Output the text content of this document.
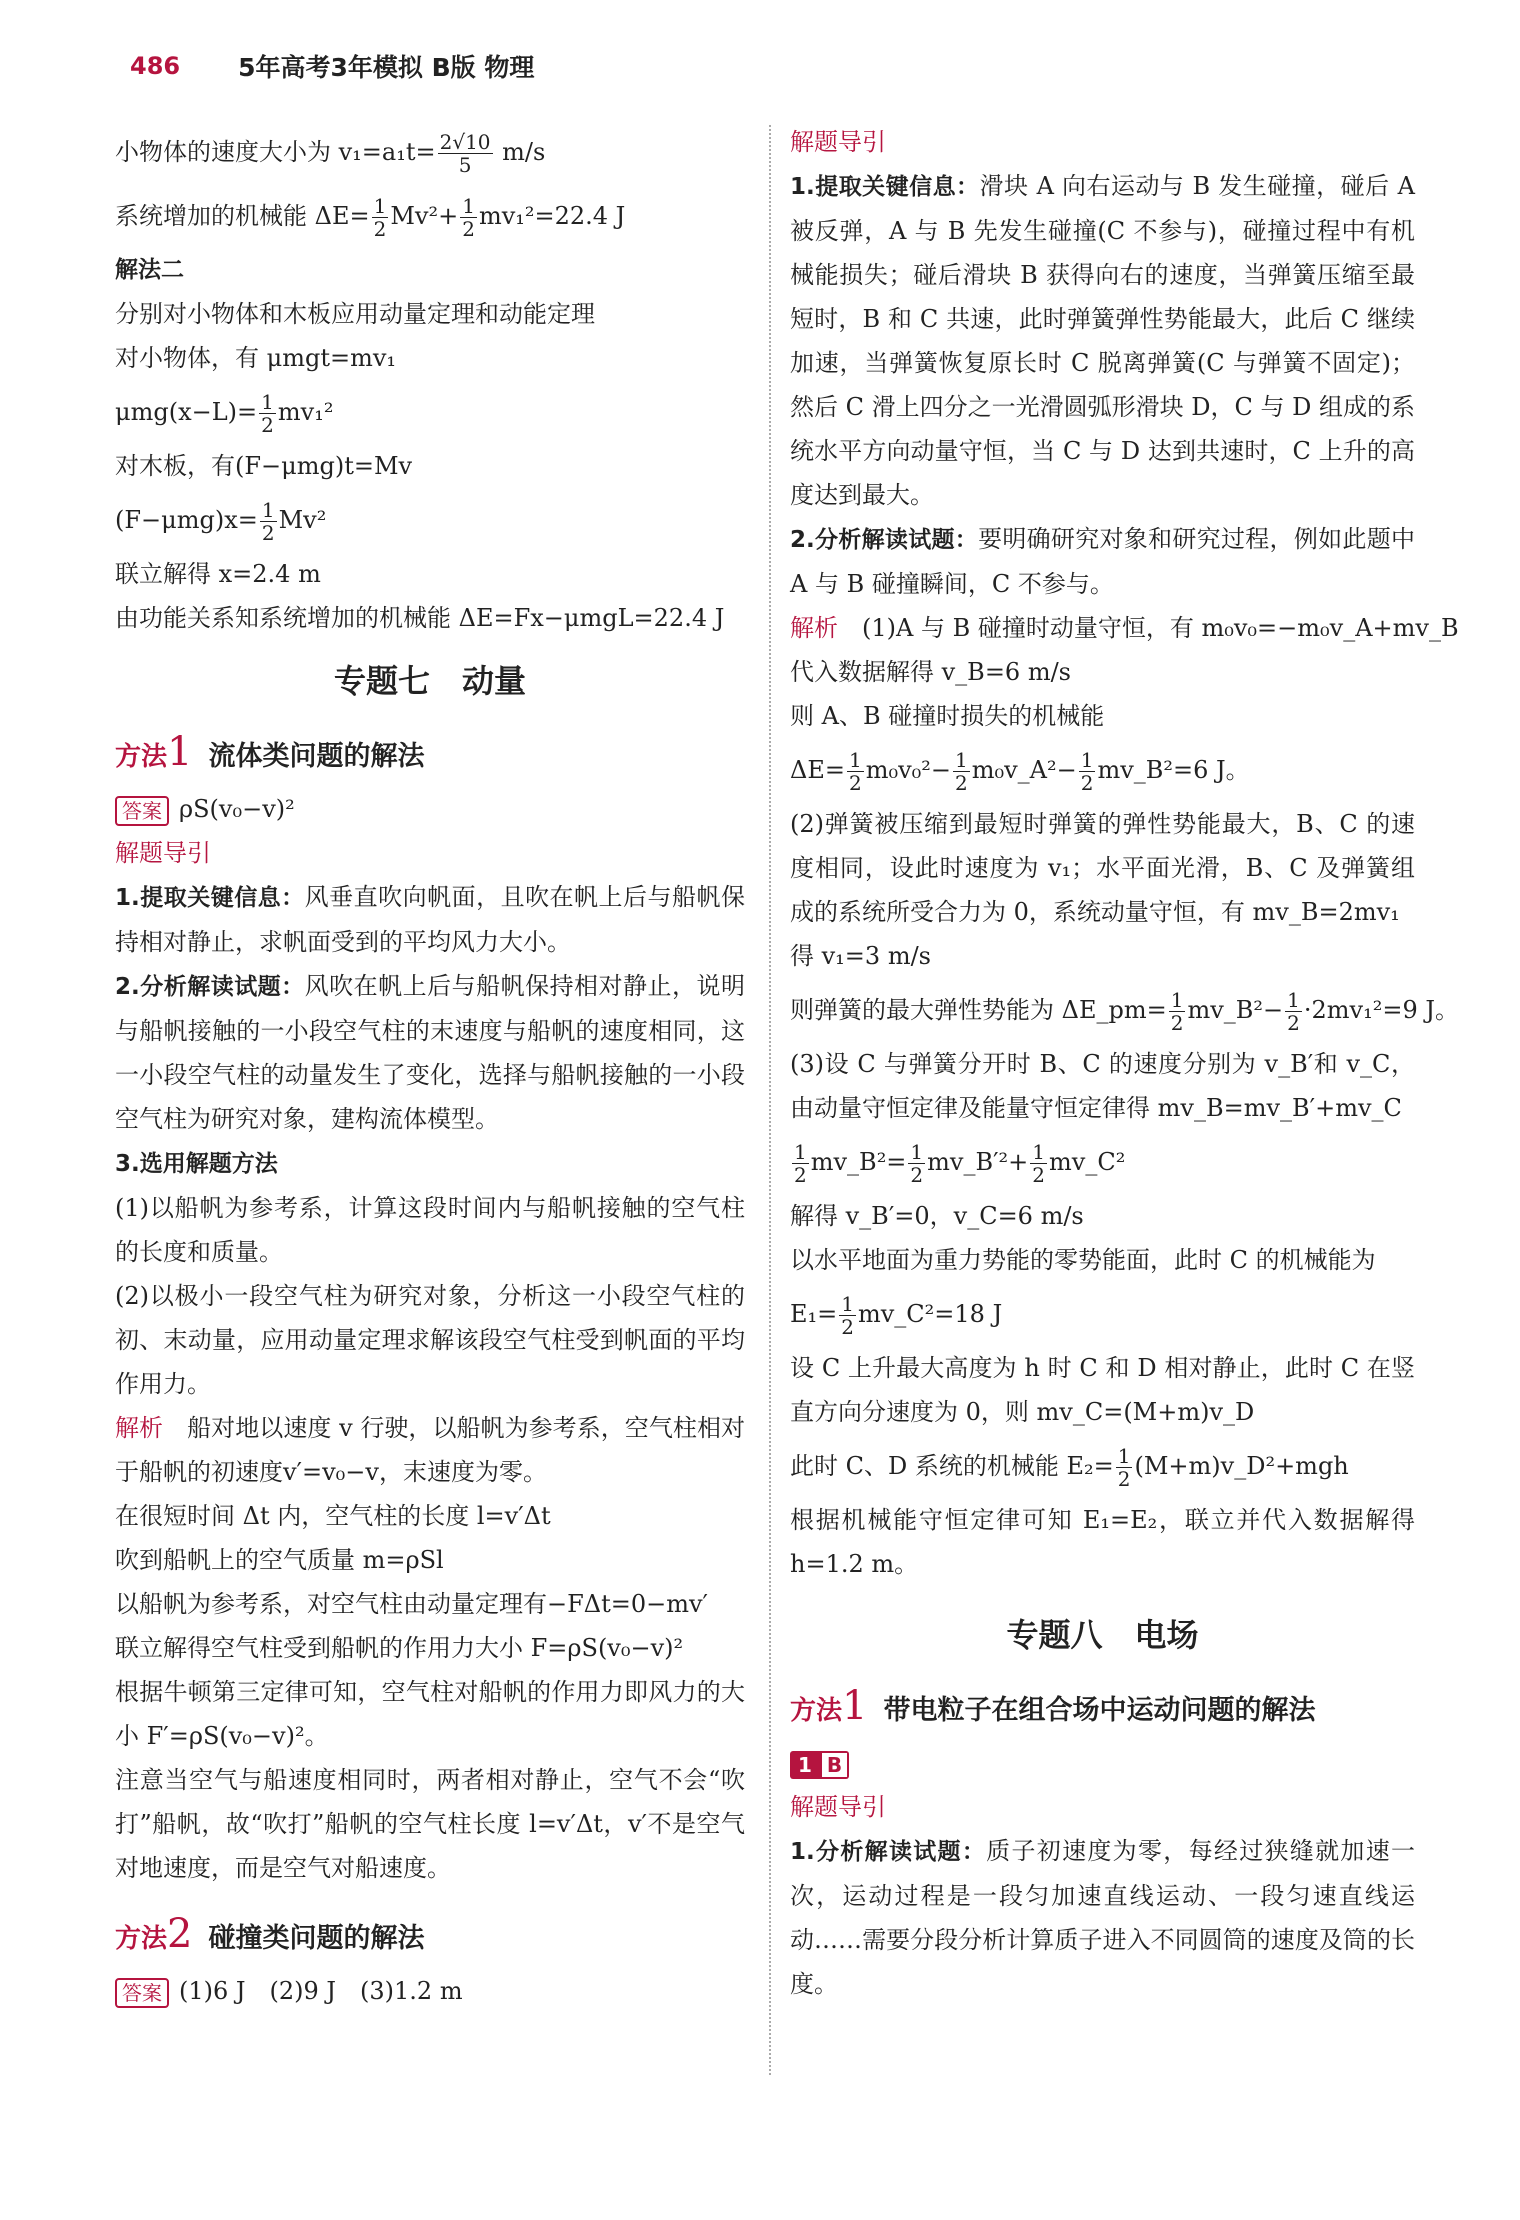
486 5年高考3年模拟 B版 物理
小物体的速度大小为 $v_1=a_1t= \frac{2√10}{5} m/s$
系统增加的机械能 $\Delta E= \frac{1}{2} Mv^2+ \frac{1}{2} mv_1^2=22.4$ J
解法二
分别对小物体和木板应用动量定理和动能定理
对小物体，有 μmgt=mv₁
$\mu mg(x-L)= \frac{1}{2} mv_1^2$
对木板，有(F−μmg)t=Mv
$(F-\mu mg)x= \frac{1}{2} Mv^2$
联立解得 x=2.4 m
由功能关系知系统增加的机械能 ΔE=Fx−μmgL=22.4 J
专题七　动量
方法 1 流体类问题的解法
答案 ρS(v₀−v)²
解题导引
1.提取关键信息：风垂直吹向帆面，且吹在帆上后与船帆保持相对静止，求帆面受到的平均风力大小。
2.分析解读试题：风吹在帆上后与船帆保持相对静止，说明与船帆接触的一小段空气柱的末速度与船帆的速度相同，这一小段空气柱的动量发生了变化，选择与船帆接触的一小段空气柱为研究对象，建构流体模型。
3.选用解题方法
(1)以船帆为参考系，计算这段时间内与船帆接触的空气柱的长度和质量。
(2)以极小一段空气柱为研究对象，分析这一小段空气柱的初、末动量，应用动量定理求解该段空气柱受到帆面的平均作用力。
解析　 船对地以速度 v 行驶，以船帆为参考系，空气柱相对于船帆的初速度v′=v₀−v，末速度为零。
在很短时间 Δt 内，空气柱的长度 l=v′Δt
吹到船帆上的空气质量 m=ρSl
以船帆为参考系，对空气柱由动量定理有−FΔt=0−mv′
联立解得空气柱受到船帆的作用力大小 F=ρS(v₀−v)²
根据牛顿第三定律可知，空气柱对船帆的作用力即风力的大小 F′=ρS(v₀−v)²。
注意当空气与船速度相同时，两者相对静止，空气不会“吹打”船帆，故“吹打”船帆的空气柱长度 l=v′Δt，v′不是空气对地速度，而是空气对船速度。
方法 2 碰撞类问题的解法
答案 (1)6 J　(2)9 J　(3)1.2 m
解题导引
1.提取关键信息：滑块 A 向右运动与 B 发生碰撞，碰后 A 被反弹，A 与 B 先发生碰撞(C 不参与)，碰撞过程中有机械能损失；碰后滑块 B 获得向右的速度，当弹簧压缩至最短时，B 和 C 共速，此时弹簧弹性势能最大，此后 C 继续加速，当弹簧恢复原长时 C 脱离弹簧(C 与弹簧不固定)；然后 C 滑上四分之一光滑圆弧形滑块 D，C 与 D 组成的系统水平方向动量守恒，当 C 与 D 达到共速时，C 上升的高度达到最大。
2.分析解读试题：要明确研究对象和研究过程，例如此题中 A 与 B 碰撞瞬间，C 不参与。
解析　 (1)A 与 B 碰撞时动量守恒，有 m₀v₀=−m₀v_A+mv_B
代入数据解得 v_B=6 m/s
则 A、B 碰撞时损失的机械能
$\Delta E= \frac{1}{2} m_0v_0^2- \frac{1}{2}$ m₀v_A²− $\frac{1}{2}$ mv_B²=6 J。
(2)弹簧被压缩到最短时弹簧的弹性势能最大，B、C 的速度相同，设此时速度为 v₁；水平面光滑，B、C 及弹簧组成的系统所受合力为 0，系统动量守恒，有 mv_B=2mv₁
得 v₁=3 m/s
则弹簧的最大弹性势能为 ΔE_pm= $\frac{1}{2}$ mv_B²− $\frac{1}{2} \cdot 2mv_1^2=9$ J。
(3)设 C 与弹簧分开时 B、C 的速度分别为 v_B′和 v_C，由动量守恒定律及能量守恒定律得 mv_B=mv_B′+mv_C
$\frac{1}{2}$ mv_B²= $\frac{1}{2}$ mv_B′²+ $\frac{1}{2}$ mv_C²
解得 v_B′=0，v_C=6 m/s
以水平地面为重力势能的零势能面，此时 C 的机械能为
$E_1= \frac{1}{2}$ mv_C²=18 J
设 C 上升最大高度为 h 时 C 和 D 相对静止，此时 C 在竖直方向分速度为 0，则 mv_C=(M+m)v_D
此时 C、D 系统的机械能 $E_2= \frac{1}{2}$ (M+m)v_D²+mgh
根据机械能守恒定律可知 E₁=E₂，联立并代入数据解得 h=1.2 m。
专题八　电场
方法 1 带电粒子在组合场中运动问题的解法
1 B
解题导引
1.分析解读试题：质子初速度为零，每经过狭缝就加速一次，运动过程是一段匀加速直线运动、一段匀速直线运动……需要分段分析计算质子进入不同圆筒的速度及筒的长度。
